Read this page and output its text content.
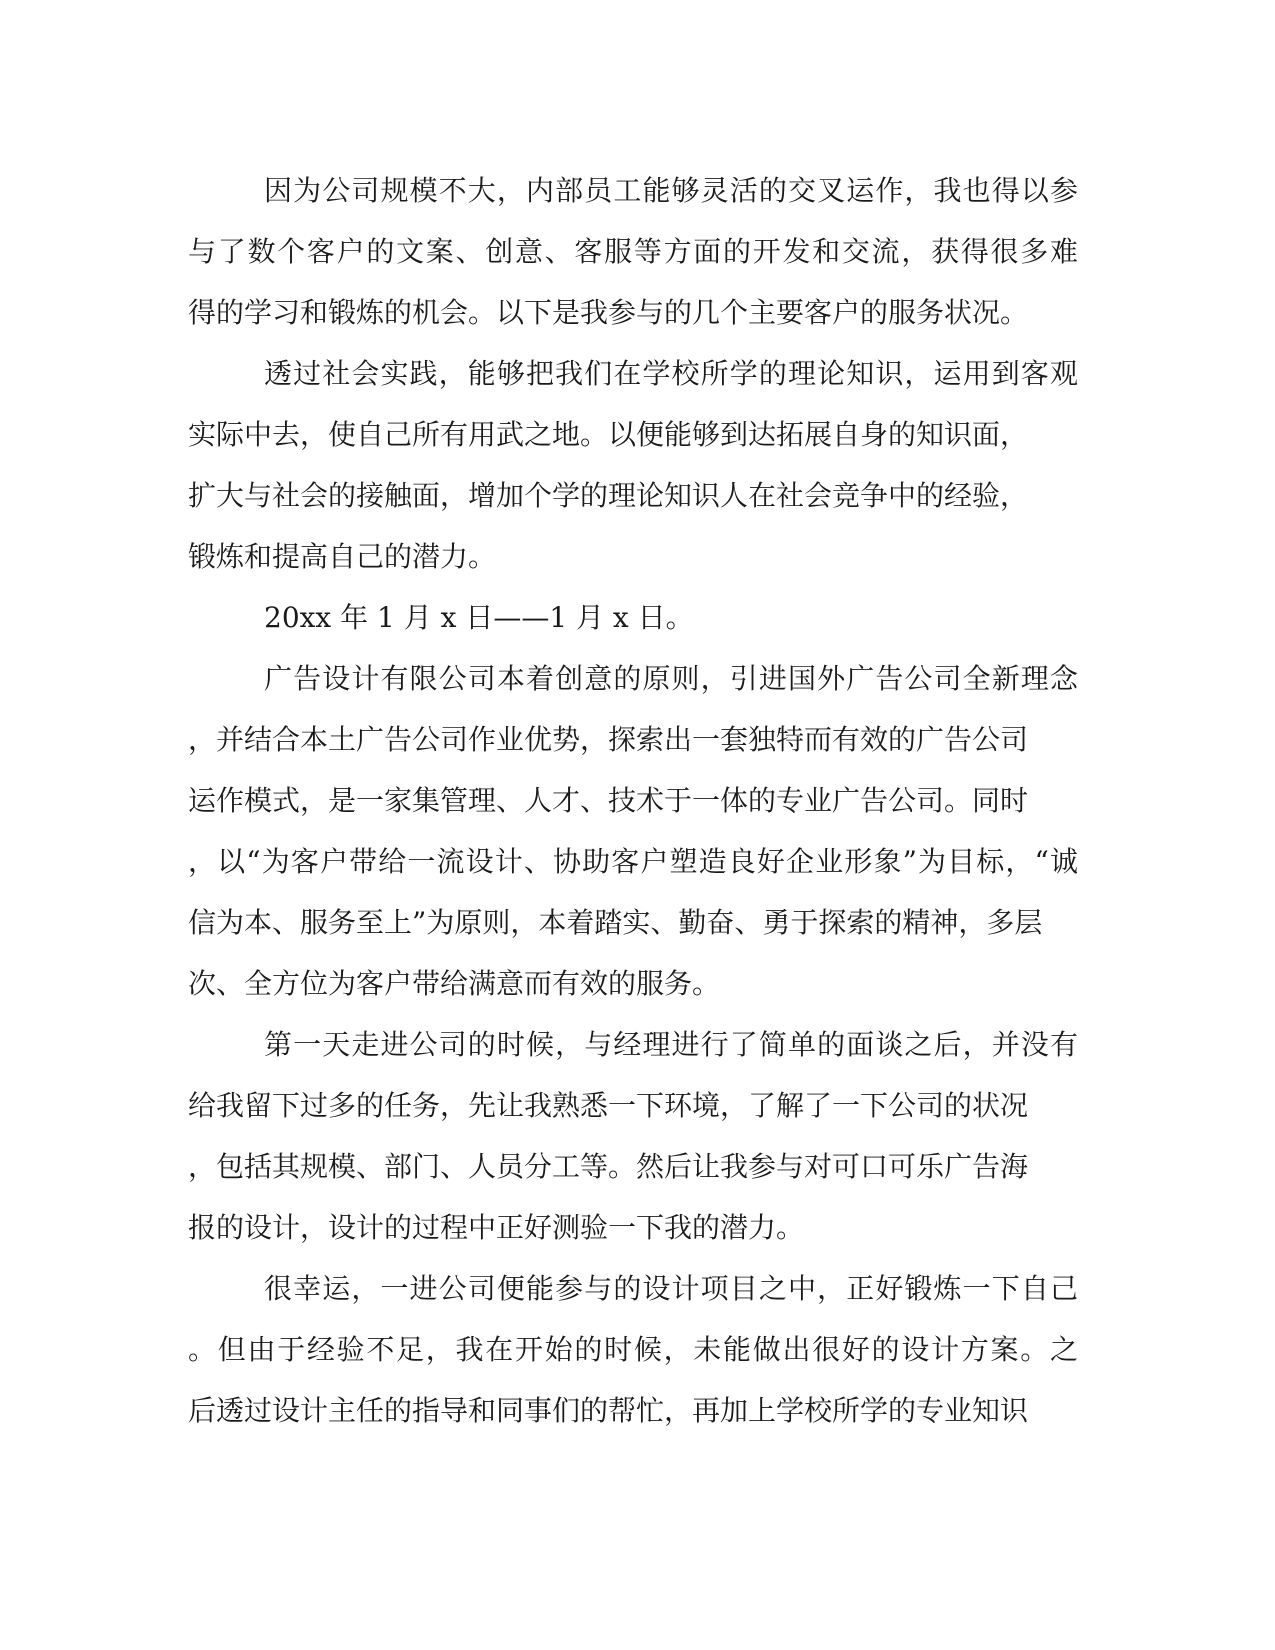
因为公司规模不大，内部员工能够灵活的交叉运作，我也得以参
与了数个客户的文案、创意、客服等方面的开发和交流，获得很多难
得的学习和锻炼的机会。以下是我参与的几个主要客户的服务状况。
透过社会实践，能够把我们在学校所学的理论知识，运用到客观
实际中去，使自己所有用武之地。以便能够到达拓展自身的知识面，
扩大与社会的接触面，增加个学的理论知识人在社会竞争中的经验，
锻炼和提高自己的潜力。
20xx 年 1 月 x 日——1 月 x 日。
广告设计有限公司本着创意的原则，引进国外广告公司全新理念
，并结合本土广告公司作业优势，探索出一套独特而有效的广告公司
运作模式，是一家集管理、人才、技术于一体的专业广告公司。同时
，以“为客户带给一流设计、协助客户塑造良好企业形象”为目标，“诚
信为本、服务至上”为原则，本着踏实、勤奋、勇于探索的精神，多层
次、全方位为客户带给满意而有效的服务。
第一天走进公司的时候，与经理进行了简单的面谈之后，并没有
给我留下过多的任务，先让我熟悉一下环境，了解了一下公司的状况
，包括其规模、部门、人员分工等。然后让我参与对可口可乐广告海
报的设计，设计的过程中正好测验一下我的潜力。
很幸运，一进公司便能参与的设计项目之中，正好锻炼一下自己
。但由于经验不足，我在开始的时候，未能做出很好的设计方案。之
后透过设计主任的指导和同事们的帮忙，再加上学校所学的专业知识
